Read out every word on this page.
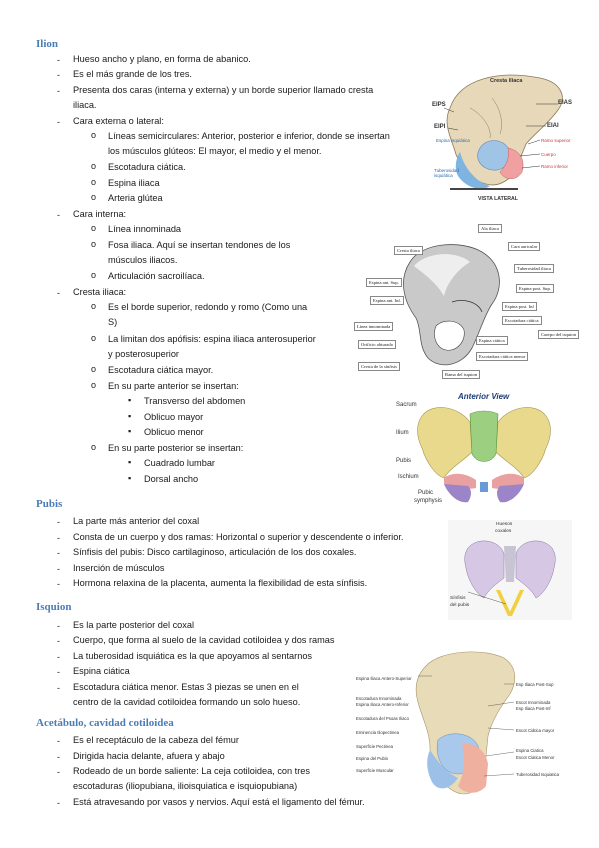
Ilion
- Hueso ancho y plano, en forma de abanico.
- Es el más grande de los tres.
- Presenta dos caras (interna y externa) y un borde superior llamado cresta
iliaca.
- Cara externa o lateral:
o Líneas semicirculares: Anterior, posterior e inferior, donde se insertan
los músculos glúteos: El mayor, el medio y el menor.
o Escotadura ciática.
o Espina iliaca
o Arteria glútea
- Cara interna:
o Línea innominada
o Fosa iliaca. Aquí se insertan tendones de los
músculos iliacos.
o Articulación sacroilíaca.
- Cresta iliaca:
o Es el borde superior, redondo y romo (Como una
S)
o La limitan dos apófisis: espina iliaca anterosuperior
y posterosuperior
o Escotadura ciática mayor.
o En su parte anterior se insertan:
▪ Transverso del abdomen
▪ Oblicuo mayor
▪ Oblicuo menor
o En su parte posterior se insertan:
▪ Cuadrado lumbar
▪ Dorsal ancho
Pubis
- La parte más anterior del coxal
- Consta de un cuerpo y dos ramas: Horizontal o superior y descendente o inferior.
- Sínfisis del pubis: Disco cartilaginoso, articulación de los dos coxales.
- Inserción de músculos
- Hormona relaxina de la placenta, aumenta la flexibilidad de esta sínfisis.
Isquion
- Es la parte posterior del coxal
- Cuerpo, que forma al suelo de la cavidad cotiloidea y dos ramas
- La tuberosidad isquiática es la que apoyamos al sentarnos
- Espina ciática
- Escotadura ciática menor. Estas 3 piezas se unen en el
centro de la cavidad cotiloidea formando un solo hueso.
Acetábulo, cavidad cotiloidea
- Es el receptáculo de la cabeza del fémur
- Dirigida hacia delante, afuera y abajo
- Rodeado de un borde saliente: La ceja cotiloidea, con tres
escotaduras (iliopubiana, ilioisquiatica e isquiopubiana)
- Está atravesando por vasos y nervios. Aquí está el ligamento del fémur.
Cresta iliaca
EIPS	EIAS
EIPI	EIAI
Espina isquiática	Ramo superior
Cuerpo
Ramo inferior
Tuberosidad isquiática
VISTA LATERAL
Ala iliaca
Cresta iliaca
Cara auricular
Tuberosidad iliaca
Espina ant. Sup.
Espina post. Sup.
Espina ant. Inf.
Espina post. Inf
Escotadura ciática
Línea innominada
Cuerpo del isquion
Espina ciática
Orificio obturado
Escotadura ciática menor
Cresta de la sínfisis
Rama del isquion
Anterior View
Sacrum
Ilium
Pubis
Ischium
Pubic
symphysis
Huesos
coxales
Sínfisis
del pubis
Espina Iliaca Antero-Superior
Escotadura Innominada
Espina Iliaca Antero-Inferior
Escotadura del Psoas Iliaco
Eminencia Iliopectinea
Superficie Pectinea
Espina del Pubis
Superficie Muscular
Esp Iliaca Post-Sup
Escot Innominada
Esp Iliaca Post-Inf
Escot Ciática mayor
Espina Ciatica
Escot Ciatica Menor
Tuberosidad Isquiatica
